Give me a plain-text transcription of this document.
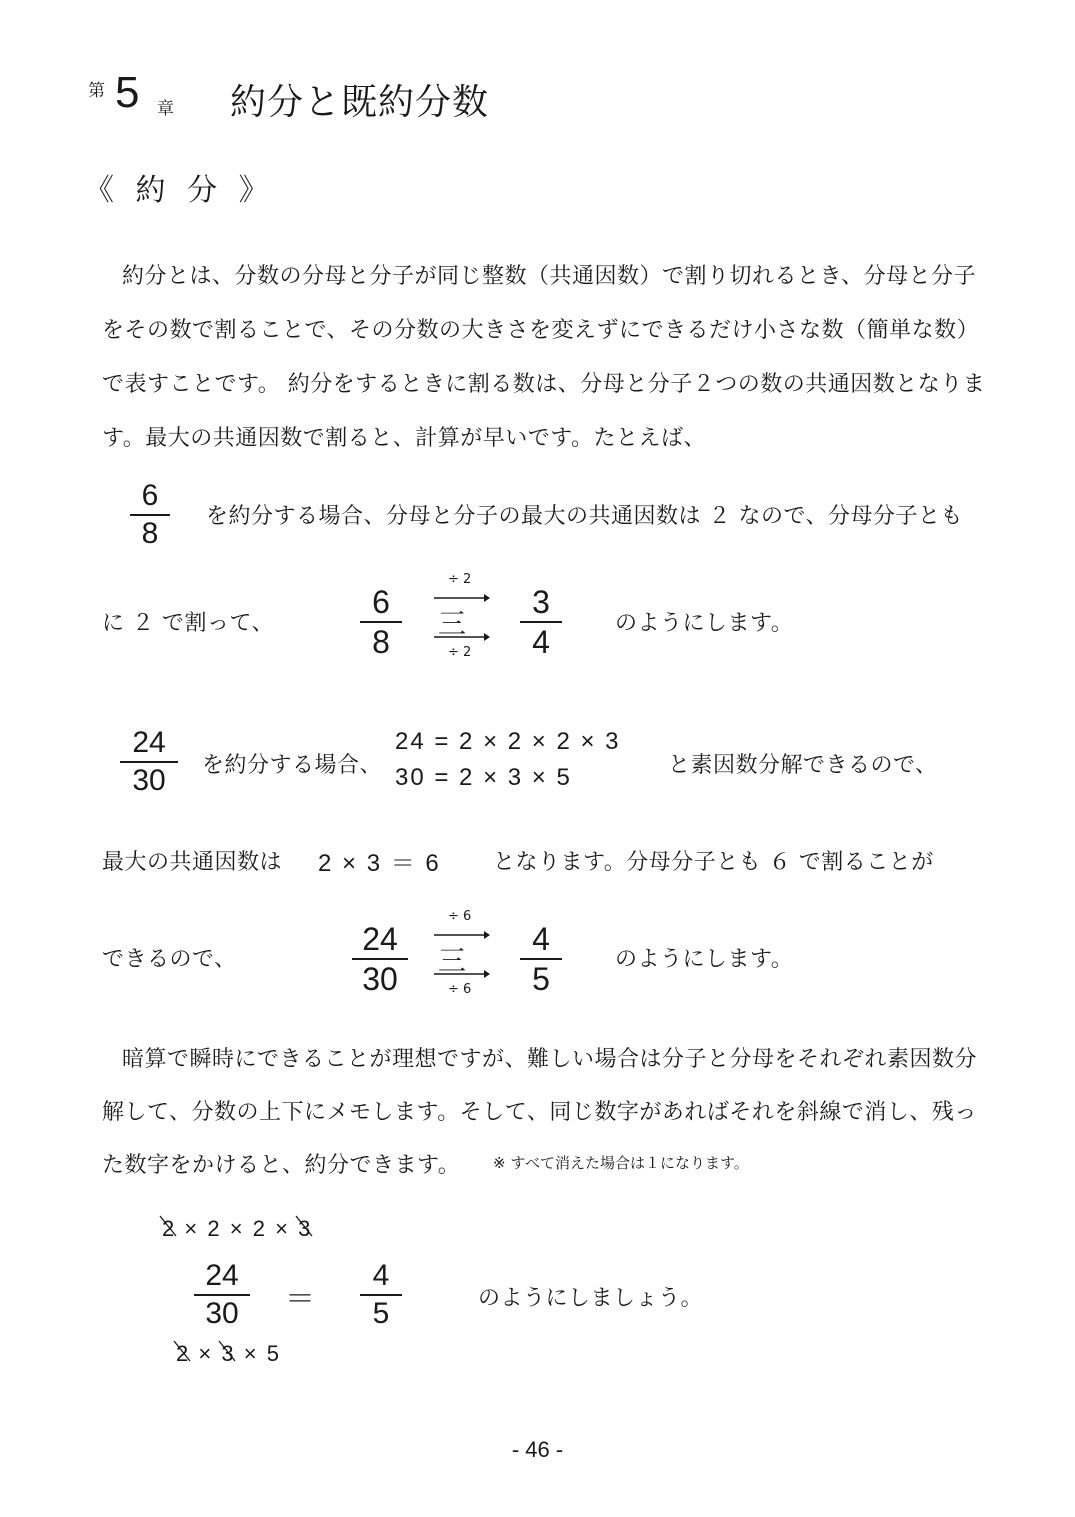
第 5 章 約分と既約分数
《 約 分 》
約分とは、分数の分母と分子が同じ整数（共通因数）で割り切れるとき、分母と分子
をその数で割ることで、その分数の大きさを変えずにできるだけ小さな数（簡単な数）
で表すことです。 約分をするときに割る数は、分母と分子２つの数の共通因数となりま
す。最大の共通因数で割ると、計算が早いです。たとえば、
6
8
を約分する場合、分母と分子の最大の共通因数は ２ なので、分母分子とも
に ２ で割って、
6
8
÷ 2
三
÷ 2
3
4
のようにします。
24
30 を約分する場合、
24 = 2 × 2 × 2 × 3
30 = 2 × 3 × 5	と素因数分解できるので、
最大の共通因数は 2 × 3 ＝ 6 となります。分母分子とも ６ で割ることが
できるので、
24
30
÷ 6
三
÷ 6
4
5
のようにします。
暗算で瞬時にできることが理想ですが、難しい場合は分子と分母をそれぞれ素因数分
解して、分数の上下にメモします。そして、同じ数字があればそれを斜線で消し、残っ
た数字をかけると、約分できます。 ※ すべて消えた場合は１になります。
2 × 2 × 2 × 3
24
30 ＝
4
5	のようにしましょう。
2 × 3 × 5
- 46 -
